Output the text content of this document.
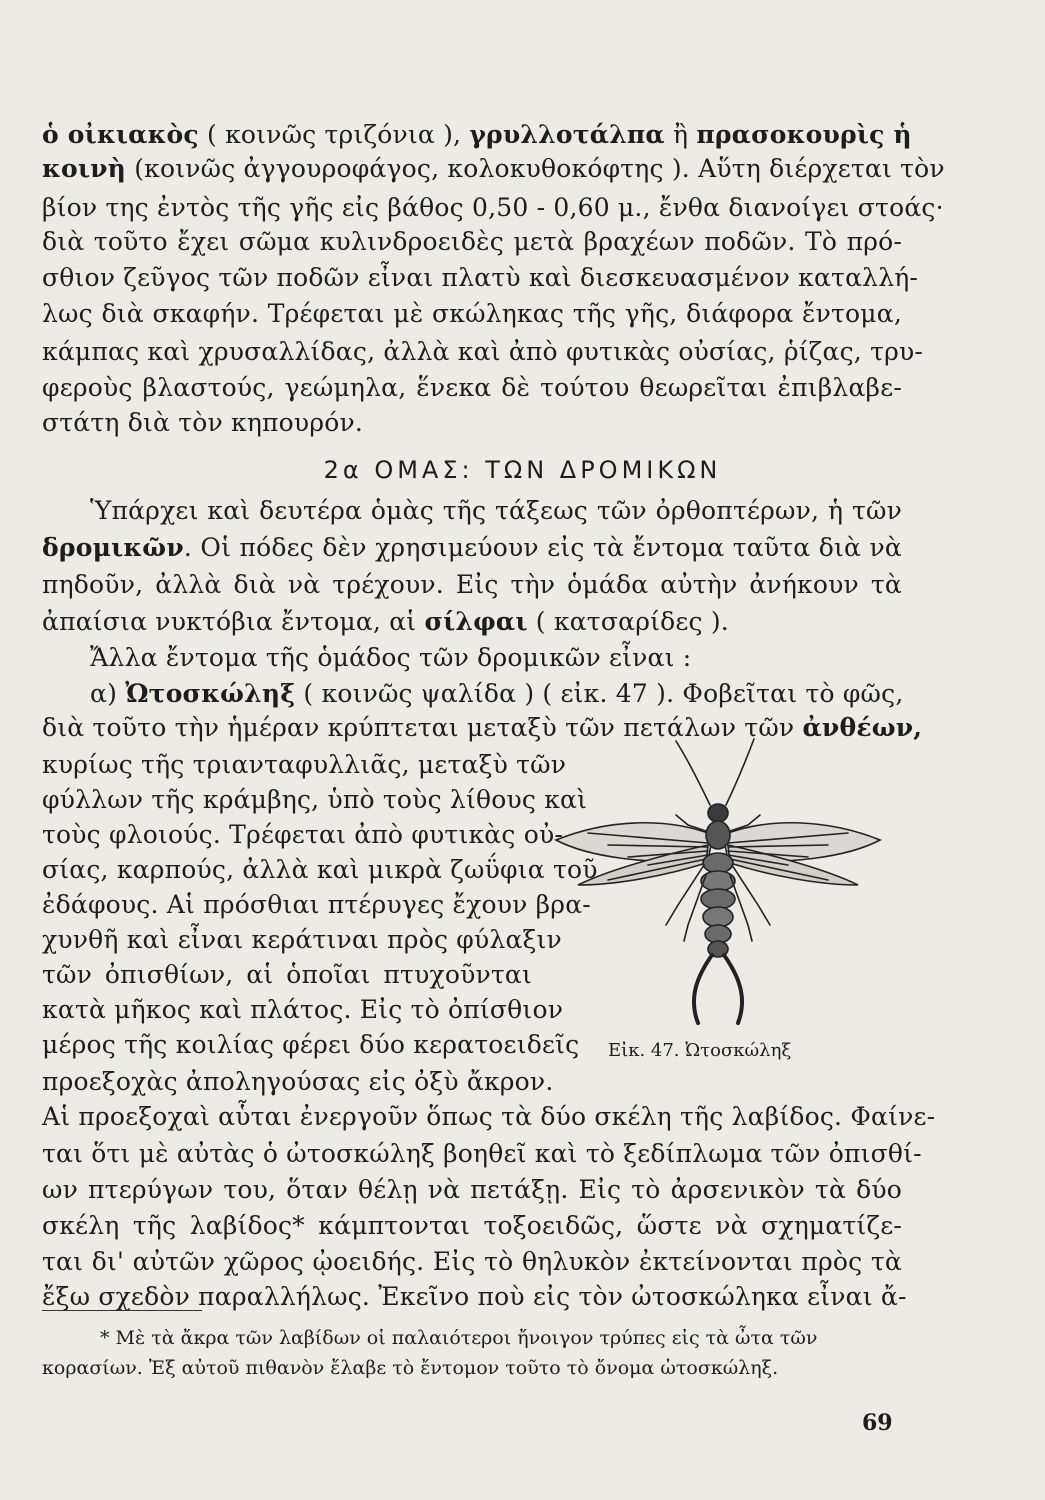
ὁ οἰκιακὸς ( κοινῶς τριζόνια ), γρυλλοτάλπα ἢ πρασοκουρὶς ἡ
κοινὴ (κοινῶς ἀγγουροφάγος, κολοκυθοκόφτης ). Αὕτη διέρχεται τὸν
βίον της ἐντὸς τῆς γῆς εἰς βάθος 0,50 - 0,60 μ., ἔνθα διανοίγει στοάς·
διὰ τοῦτο ἔχει σῶμα κυλινδροειδὲς μετὰ βραχέων ποδῶν. Τὸ πρό-
σθιον ζεῦγος τῶν ποδῶν εἶναι πλατὺ καὶ διεσκευασμένον καταλλή-
λως διὰ σκαφήν. Τρέφεται μὲ σκώληκας τῆς γῆς, διάφορα ἔντομα,
κάμπας καὶ χρυσαλλίδας, ἀλλὰ καὶ ἀπὸ φυτικὰς οὐσίας, ῥίζας, τρυ-
φεροὺς βλαστούς, γεώμηλα, ἕνεκα δὲ τούτου θεωρεῖται ἐπιβλαβε-
στάτη διὰ τὸν κηπουρόν.
2α ΟΜΑΣ: ΤΩΝ ΔΡΟΜΙΚΩΝ
Ὑπάρχει καὶ δευτέρα ὁμὰς τῆς τάξεως τῶν ὀρθοπτέρων, ἡ τῶν
δρομικῶν. Οἱ πόδες δὲν χρησιμεύουν εἰς τὰ ἔντομα ταῦτα διὰ νὰ
πηδοῦν, ἀλλὰ διὰ νὰ τρέχουν. Εἰς τὴν ὁμάδα αὐτὴν ἀνήκουν τὰ
ἀπαίσια νυκτόβια ἔντομα, αἱ σίλφαι ( κατσαρίδες ).
Ἄλλα ἔντομα τῆς ὁμάδος τῶν δρομικῶν εἶναι :
α) Ὠτοσκώληξ ( κοινῶς ψαλίδα ) ( εἰκ. 47 ). Φοβεῖται τὸ φῶς,
διὰ τοῦτο τὴν ἡμέραν κρύπτεται μεταξὺ τῶν πετάλων τῶν ἀνθέων,
κυρίως τῆς τριανταφυλλιᾶς, μεταξὺ τῶν
φύλλων τῆς κράμβης, ὑπὸ τοὺς λίθους καὶ
τοὺς φλοιούς. Τρέφεται ἀπὸ φυτικὰς οὐ-
σίας, καρπούς, ἀλλὰ καὶ μικρὰ ζωΰφια τοῦ
ἐδάφους. Αἱ πρόσθιαι πτέρυγες ἔχουν βρα-
χυνθῆ καὶ εἶναι κεράτιναι πρὸς φύλαξιν
τῶν ὀπισθίων, αἱ ὁποῖαι πτυχοῦνται
κατὰ μῆκος καὶ πλάτος. Εἰς τὸ ὀπίσθιον
μέρος τῆς κοιλίας φέρει δύο κερατοειδεῖς
προεξοχὰς ἀποληγούσας εἰς ὀξὺ ἄκρον.
Αἱ προεξοχαὶ αὗται ἐνεργοῦν ὅπως τὰ δύο σκέλη τῆς λαβίδος. Φαίνε-
ται ὅτι μὲ αὐτὰς ὁ ὠτοσκώληξ βοηθεῖ καὶ τὸ ξεδίπλωμα τῶν ὀπισθί-
ων πτερύγων του, ὅταν θέλῃ νὰ πετάξῃ. Εἰς τὸ ἀρσενικὸν τὰ δύο
σκέλη τῆς λαβίδος* κάμπτονται τοξοειδῶς, ὥστε νὰ σχηματίζε-
ται δι' αὐτῶν χῶρος ᾠοειδής. Εἰς τὸ θηλυκὸν ἐκτείνονται πρὸς τὰ
ἔξω σχεδὸν παραλλήλως. Ἐκεῖνο ποὺ εἰς τὸν ὠτοσκώληκα εἶναι ἄ-
Εἰκ. 47. Ὠτοσκώληξ
* Μὲ τὰ ἄκρα τῶν λαβίδων οἱ παλαιότεροι ἤνοιγον τρύπες εἰς τὰ ὦτα τῶν
κορασίων. Ἐξ αὐτοῦ πιθανὸν ἔλαβε τὸ ἔντομον τοῦτο τὸ ὄνομα ὠτοσκώληξ.
69
